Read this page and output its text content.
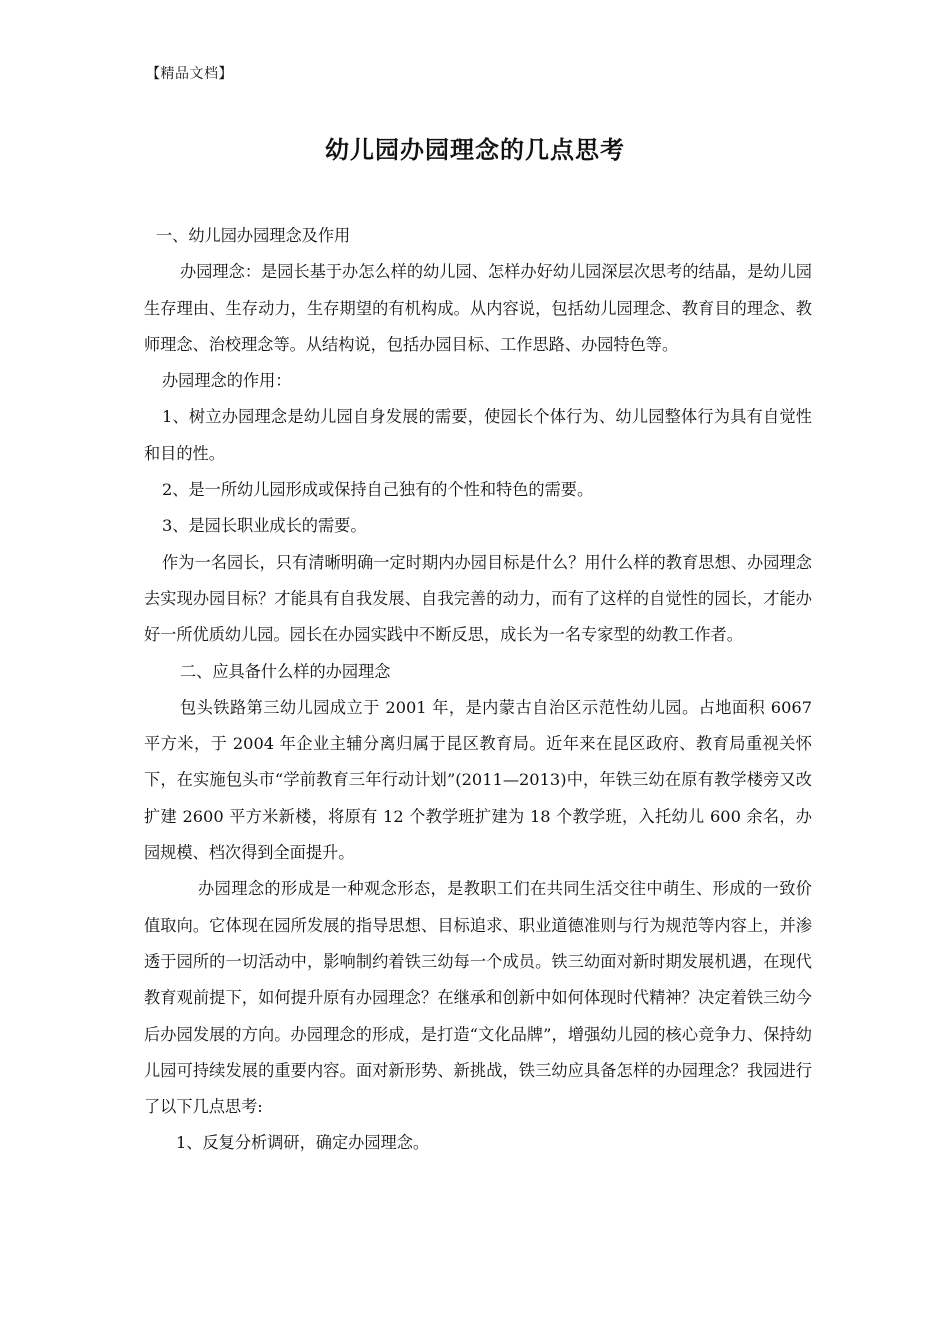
【精品文档】
幼儿园办园理念的几点思考

一、幼儿园办园理念及作用

办园理念：是园长基于办怎么样的幼儿园、怎样办好幼儿园深层次思考的结晶，是幼儿园生存理由、生存动力，生存期望的有机构成。从内容说，包括幼儿园理念、教育目的理念、教师理念、治校理念等。从结构说，包括办园目标、工作思路、办园特色等。

办园理念的作用：

1、树立办园理念是幼儿园自身发展的需要，使园长个体行为、幼儿园整体行为具有自觉性和目的性。

2、是一所幼儿园形成或保持自己独有的个性和特色的需要。

3、是园长职业成长的需要。

作为一名园长，只有清晰明确一定时期内办园目标是什么？用什么样的教育思想、办园理念去实现办园目标？才能具有自我发展、自我完善的动力，而有了这样的自觉性的园长，才能办好一所优质幼儿园。园长在办园实践中不断反思，成长为一名专家型的幼教工作者。

二、应具备什么样的办园理念

包头铁路第三幼儿园成立于 2001 年，是内蒙古自治区示范性幼儿园。占地面积 6067 平方米，于 2004 年企业主辅分离归属于昆区教育局。近年来在昆区政府、教育局重视关怀下，在实施包头市“学前教育三年行动计划”(2011—2013)中，年铁三幼在原有教学楼旁又改扩建 2600 平方米新楼，将原有 12 个教学班扩建为 18 个教学班，入托幼儿 600 余名，办园规模、档次得到全面提升。

办园理念的形成是一种观念形态，是教职工们在共同生活交往中萌生、形成的一致价值取向。它体现在园所发展的指导思想、目标追求、职业道德准则与行为规范等内容上，并渗透于园所的一切活动中，影响制约着铁三幼每一个成员。铁三幼面对新时期发展机遇，在现代教育观前提下，如何提升原有办园理念？在继承和创新中如何体现时代精神？决定着铁三幼今后办园发展的方向。办园理念的形成，是打造“文化品牌”，增强幼儿园的核心竞争力、保持幼儿园可持续发展的重要内容。面对新形势、新挑战，铁三幼应具备怎样的办园理念？我园进行了以下几点思考:

1、反复分析调研，确定办园理念。
